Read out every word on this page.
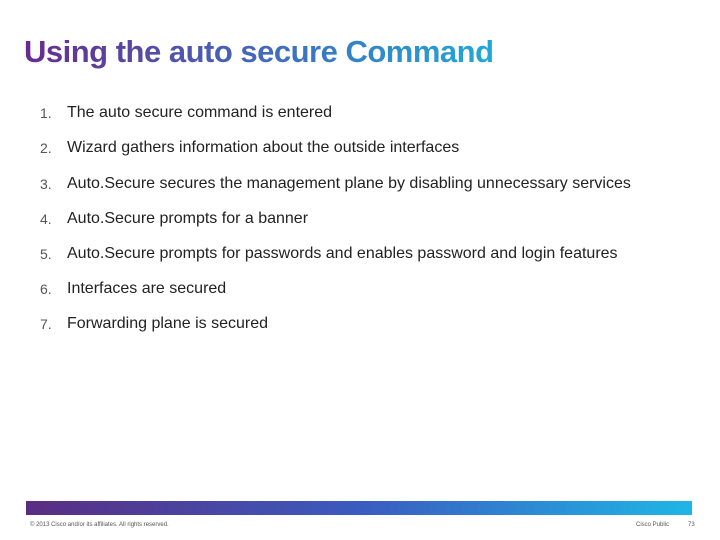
Using the auto secure Command
1. The auto secure command is entered
2. Wizard gathers information about the outside interfaces
3. Auto.Secure secures the management plane by disabling unnecessary services
4. Auto.Secure prompts for a banner
5. Auto.Secure prompts for passwords and enables password and login features
6. Interfaces are secured
7. Forwarding plane is secured
© 2013 Cisco and/or its affiliates. All rights reserved.	Cisco Public	73
